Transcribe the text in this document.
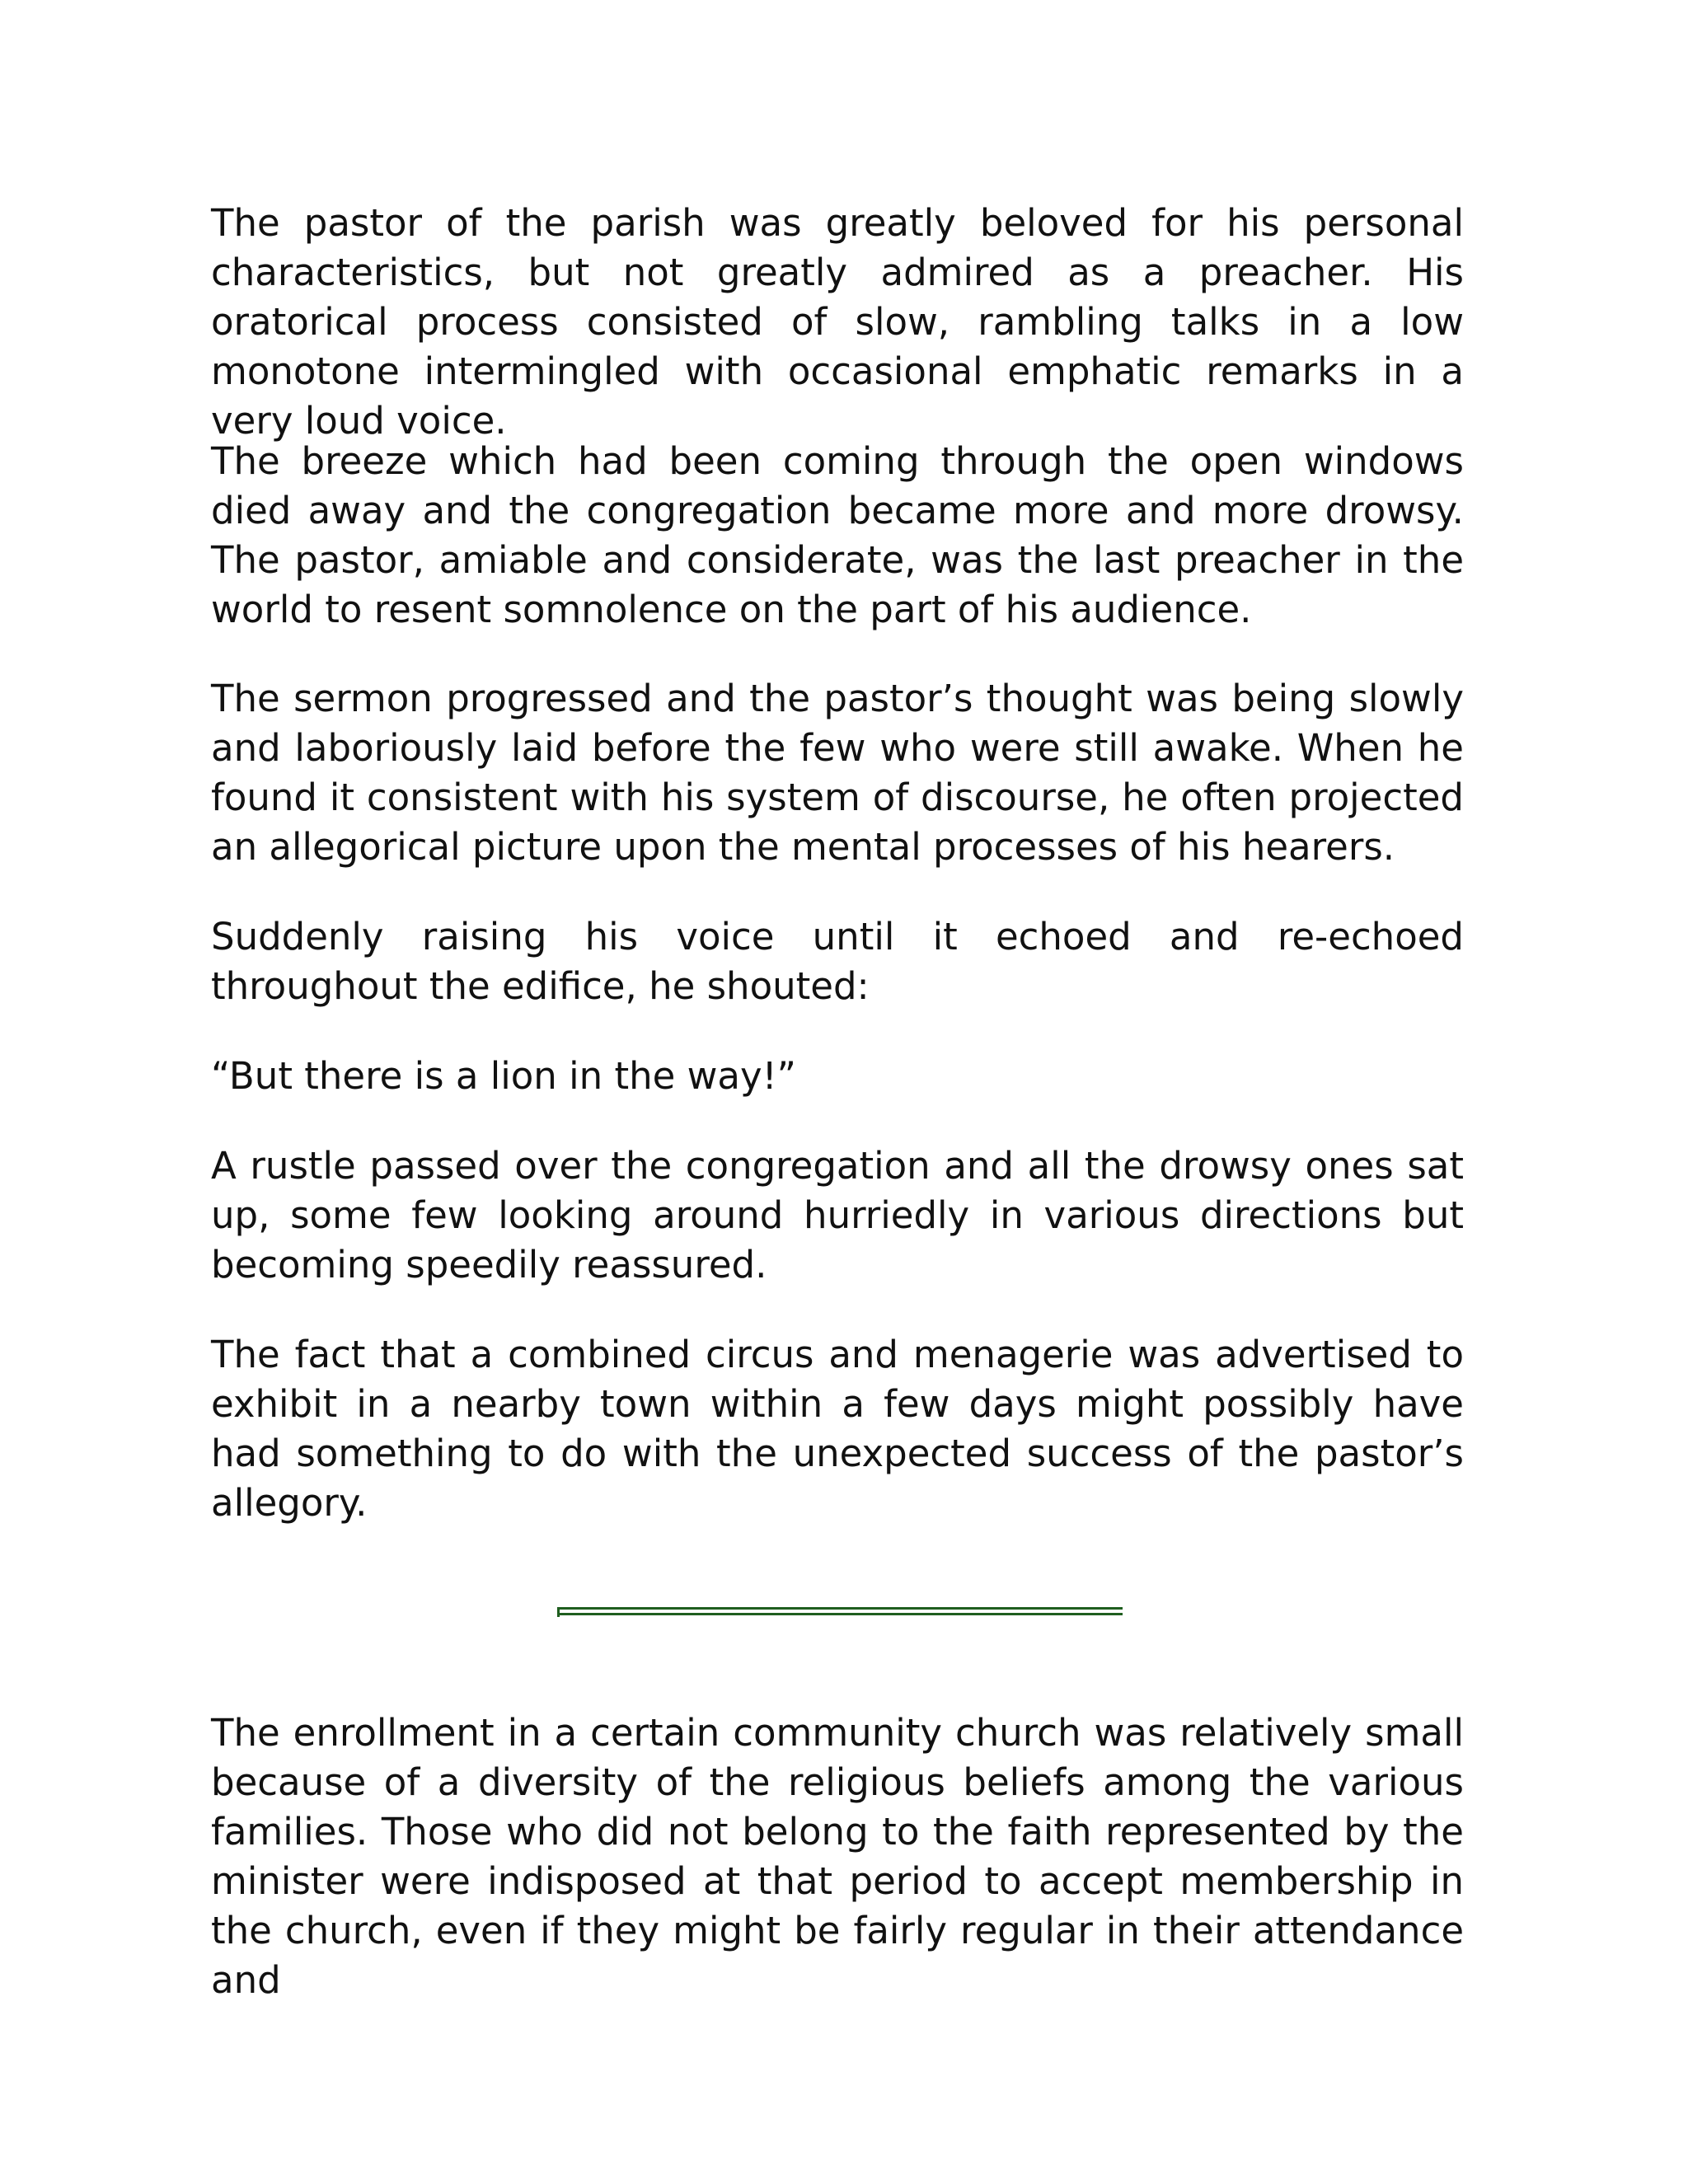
The pastor of the parish was greatly beloved for his personal characteristics, but not greatly admired as a preacher. His oratorical process consisted of slow, rambling talks in a low monotone intermingled with occasional emphatic remarks in a very loud voice.

The breeze which had been coming through the open windows died away and the congregation became more and more drowsy. The pastor, amiable and considerate, was the last preacher in the world to resent somnolence on the part of his audience.

The sermon progressed and the pastor’s thought was being slowly and laboriously laid before the few who were still awake. When he found it consistent with his system of discourse, he often projected an allegorical picture upon the mental processes of his hearers.

Suddenly raising his voice until it echoed and re-echoed throughout the edifice, he shouted:

“But there is a lion in the way!”

A rustle passed over the congregation and all the drowsy ones sat up, some few looking around hurriedly in various directions but becoming speedily reassured.

The fact that a combined circus and menagerie was advertised to exhibit in a nearby town within a few days might possibly have had something to do with the unexpected success of the pastor’s allegory.

The enrollment in a certain community church was relatively small because of a diversity of the religious beliefs among the various families. Those who did not belong to the faith represented by the minister were indisposed at that period to accept membership in the church, even if they might be fairly regular in their attendance and
